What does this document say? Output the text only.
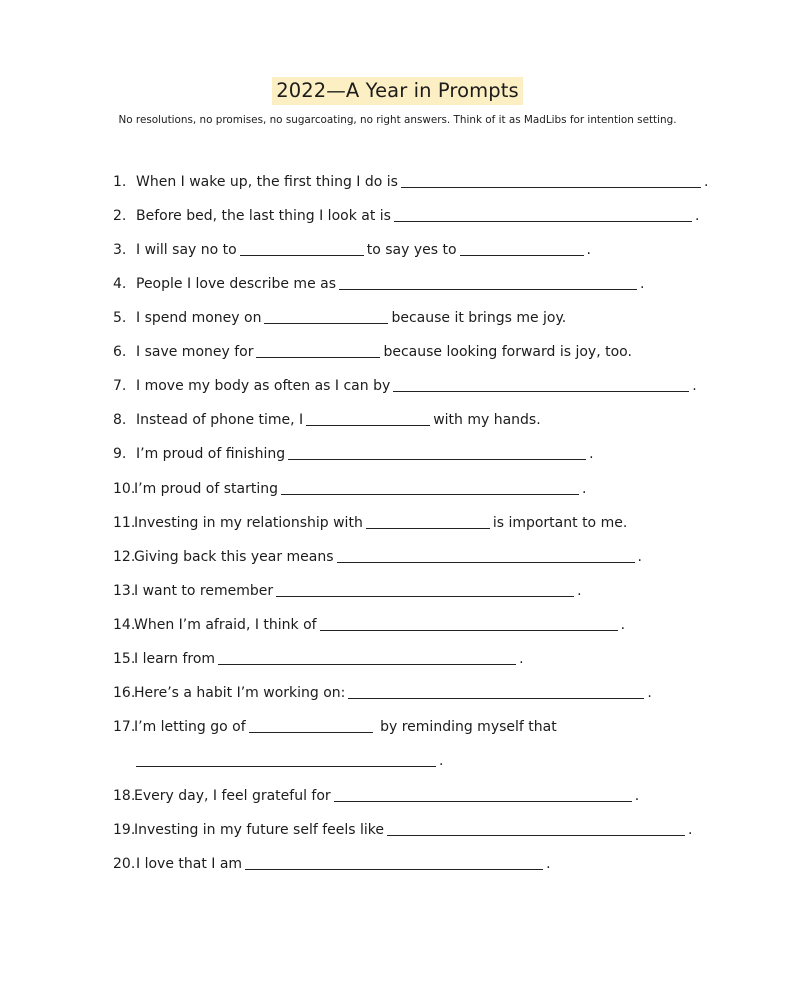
2022—A Year in Prompts
No resolutions, no promises, no sugarcoating, no right answers. Think of it as MadLibs for intention setting.
1. When I wake up, the first thing I do is	.
2. Before bed, the last thing I look at is	.
3. I will say no to	to say yes to	.
4. People I love describe me as	.
5. I spend money on	because it brings me joy.
6. I save money for	because looking forward is joy, too.
7. I move my body as often as I can by	.
8. Instead of phone time, I	with my hands.
9. I’m proud of finishing	.
10.I’m proud of starting	.
11.Investing in my relationship with	is important to me.
12.Giving back this year means	.
13.I want to remember	.
14.When I’m afraid, I think of	.
15.I learn from	.
16.Here’s a habit I’m working on:	.
17.I’m letting go of	by reminding myself that
.
18.Every day, I feel grateful for	.
19.Investing in my future self feels like	.
20.I love that I am	.
